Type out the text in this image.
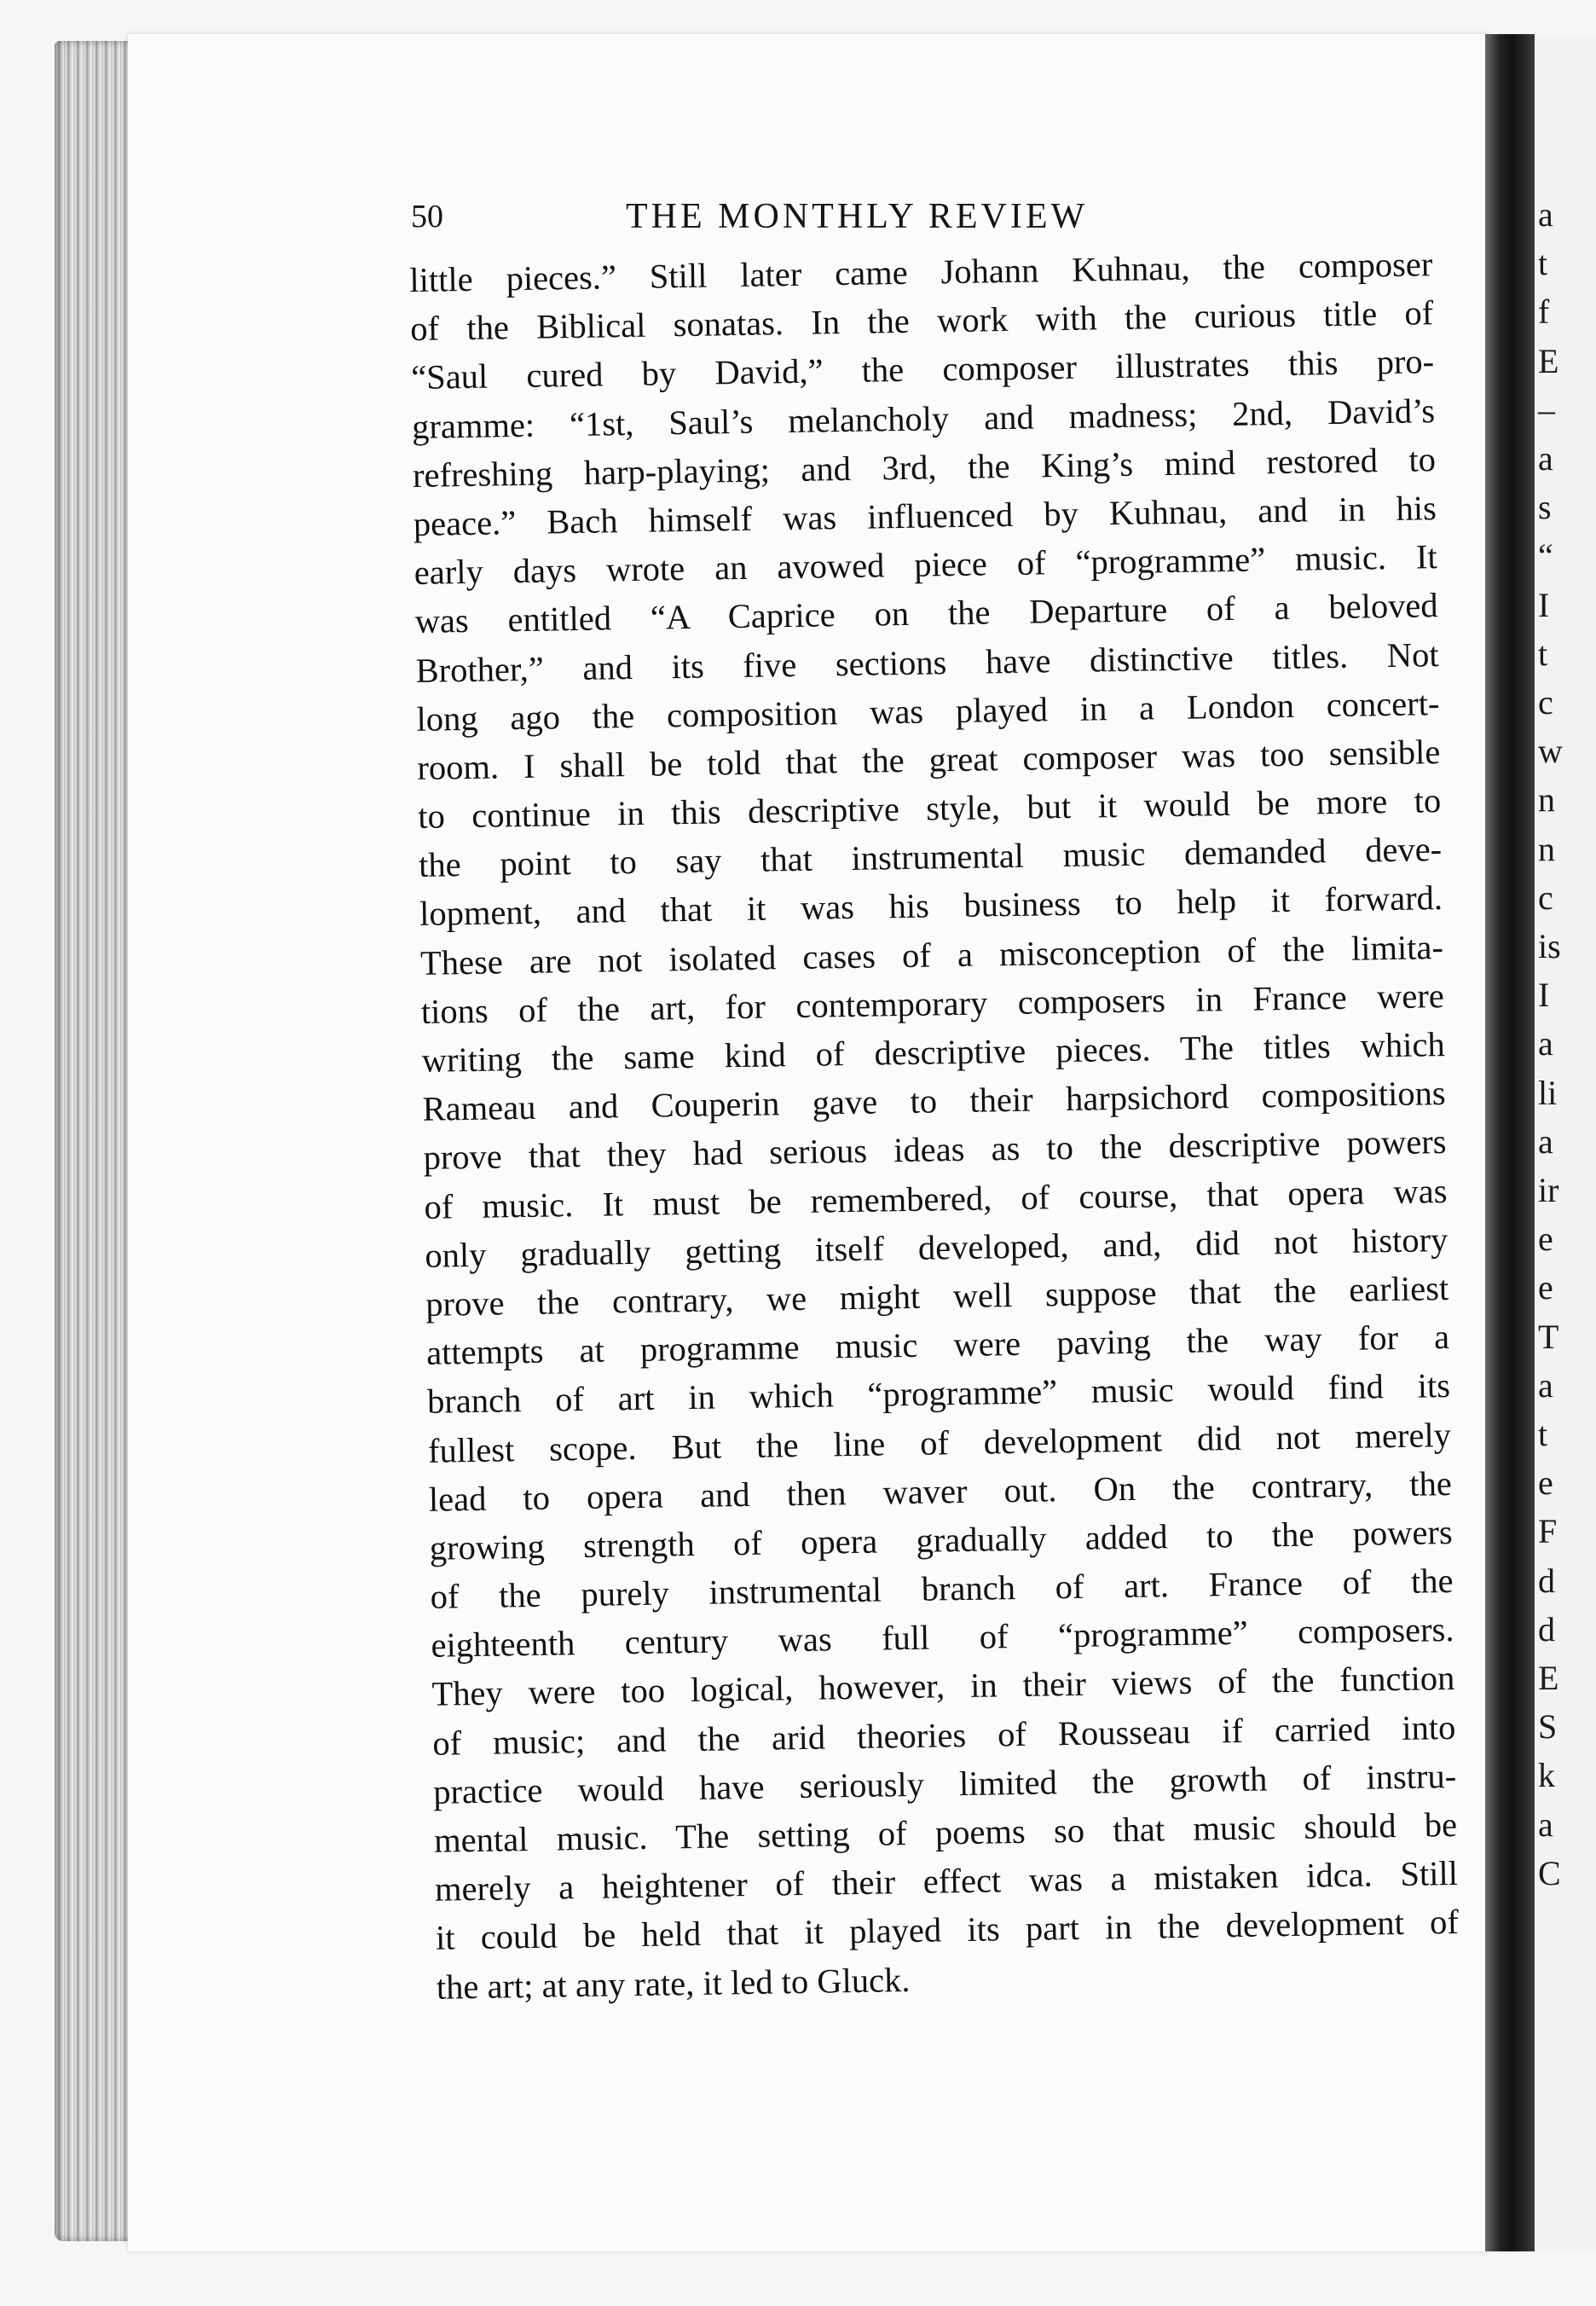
a
t
f
E
–
a
s
“
I
t
c
w
n
n
c
is
I
a
li
a
ir
e
e
T
a
t
e
F
d
d
E
S
k
a
C
50	THE MONTHLY REVIEW
little pieces.” Still later came Johann Kuhnau, the composer
of the Biblical sonatas. In the work with the curious title of
“Saul cured by David,” the composer illustrates this pro-
gramme: “1st, Saul’s melancholy and madness; 2nd, David’s
refreshing harp-playing; and 3rd, the King’s mind restored to
peace.” Bach himself was influenced by Kuhnau, and in his
early days wrote an avowed piece of “programme” music. It
was entitled “A Caprice on the Departure of a beloved
Brother,” and its five sections have distinctive titles. Not
long ago the composition was played in a London concert-
room. I shall be told that the great composer was too sensible
to continue in this descriptive style, but it would be more to
the point to say that instrumental music demanded deve-
lopment, and that it was his business to help it forward.
These are not isolated cases of a misconception of the limita-
tions of the art, for contemporary composers in France were
writing the same kind of descriptive pieces. The titles which
Rameau and Couperin gave to their harpsichord compositions
prove that they had serious ideas as to the descriptive powers
of music. It must be remembered, of course, that opera was
only gradually getting itself developed, and, did not history
prove the contrary, we might well suppose that the earliest
attempts at programme music were paving the way for a
branch of art in which “programme” music would find its
fullest scope. But the line of development did not merely
lead to opera and then waver out. On the contrary, the
growing strength of opera gradually added to the powers
of the purely instrumental branch of art. France of the
eighteenth century was full of “programme” composers.
They were too logical, however, in their views of the function
of music; and the arid theories of Rousseau if carried into
practice would have seriously limited the growth of instru-
mental music. The setting of poems so that music should be
merely a heightener of their effect was a mistaken idca. Still
it could be held that it played its part in the development of
the art; at any rate, it led to Gluck.
